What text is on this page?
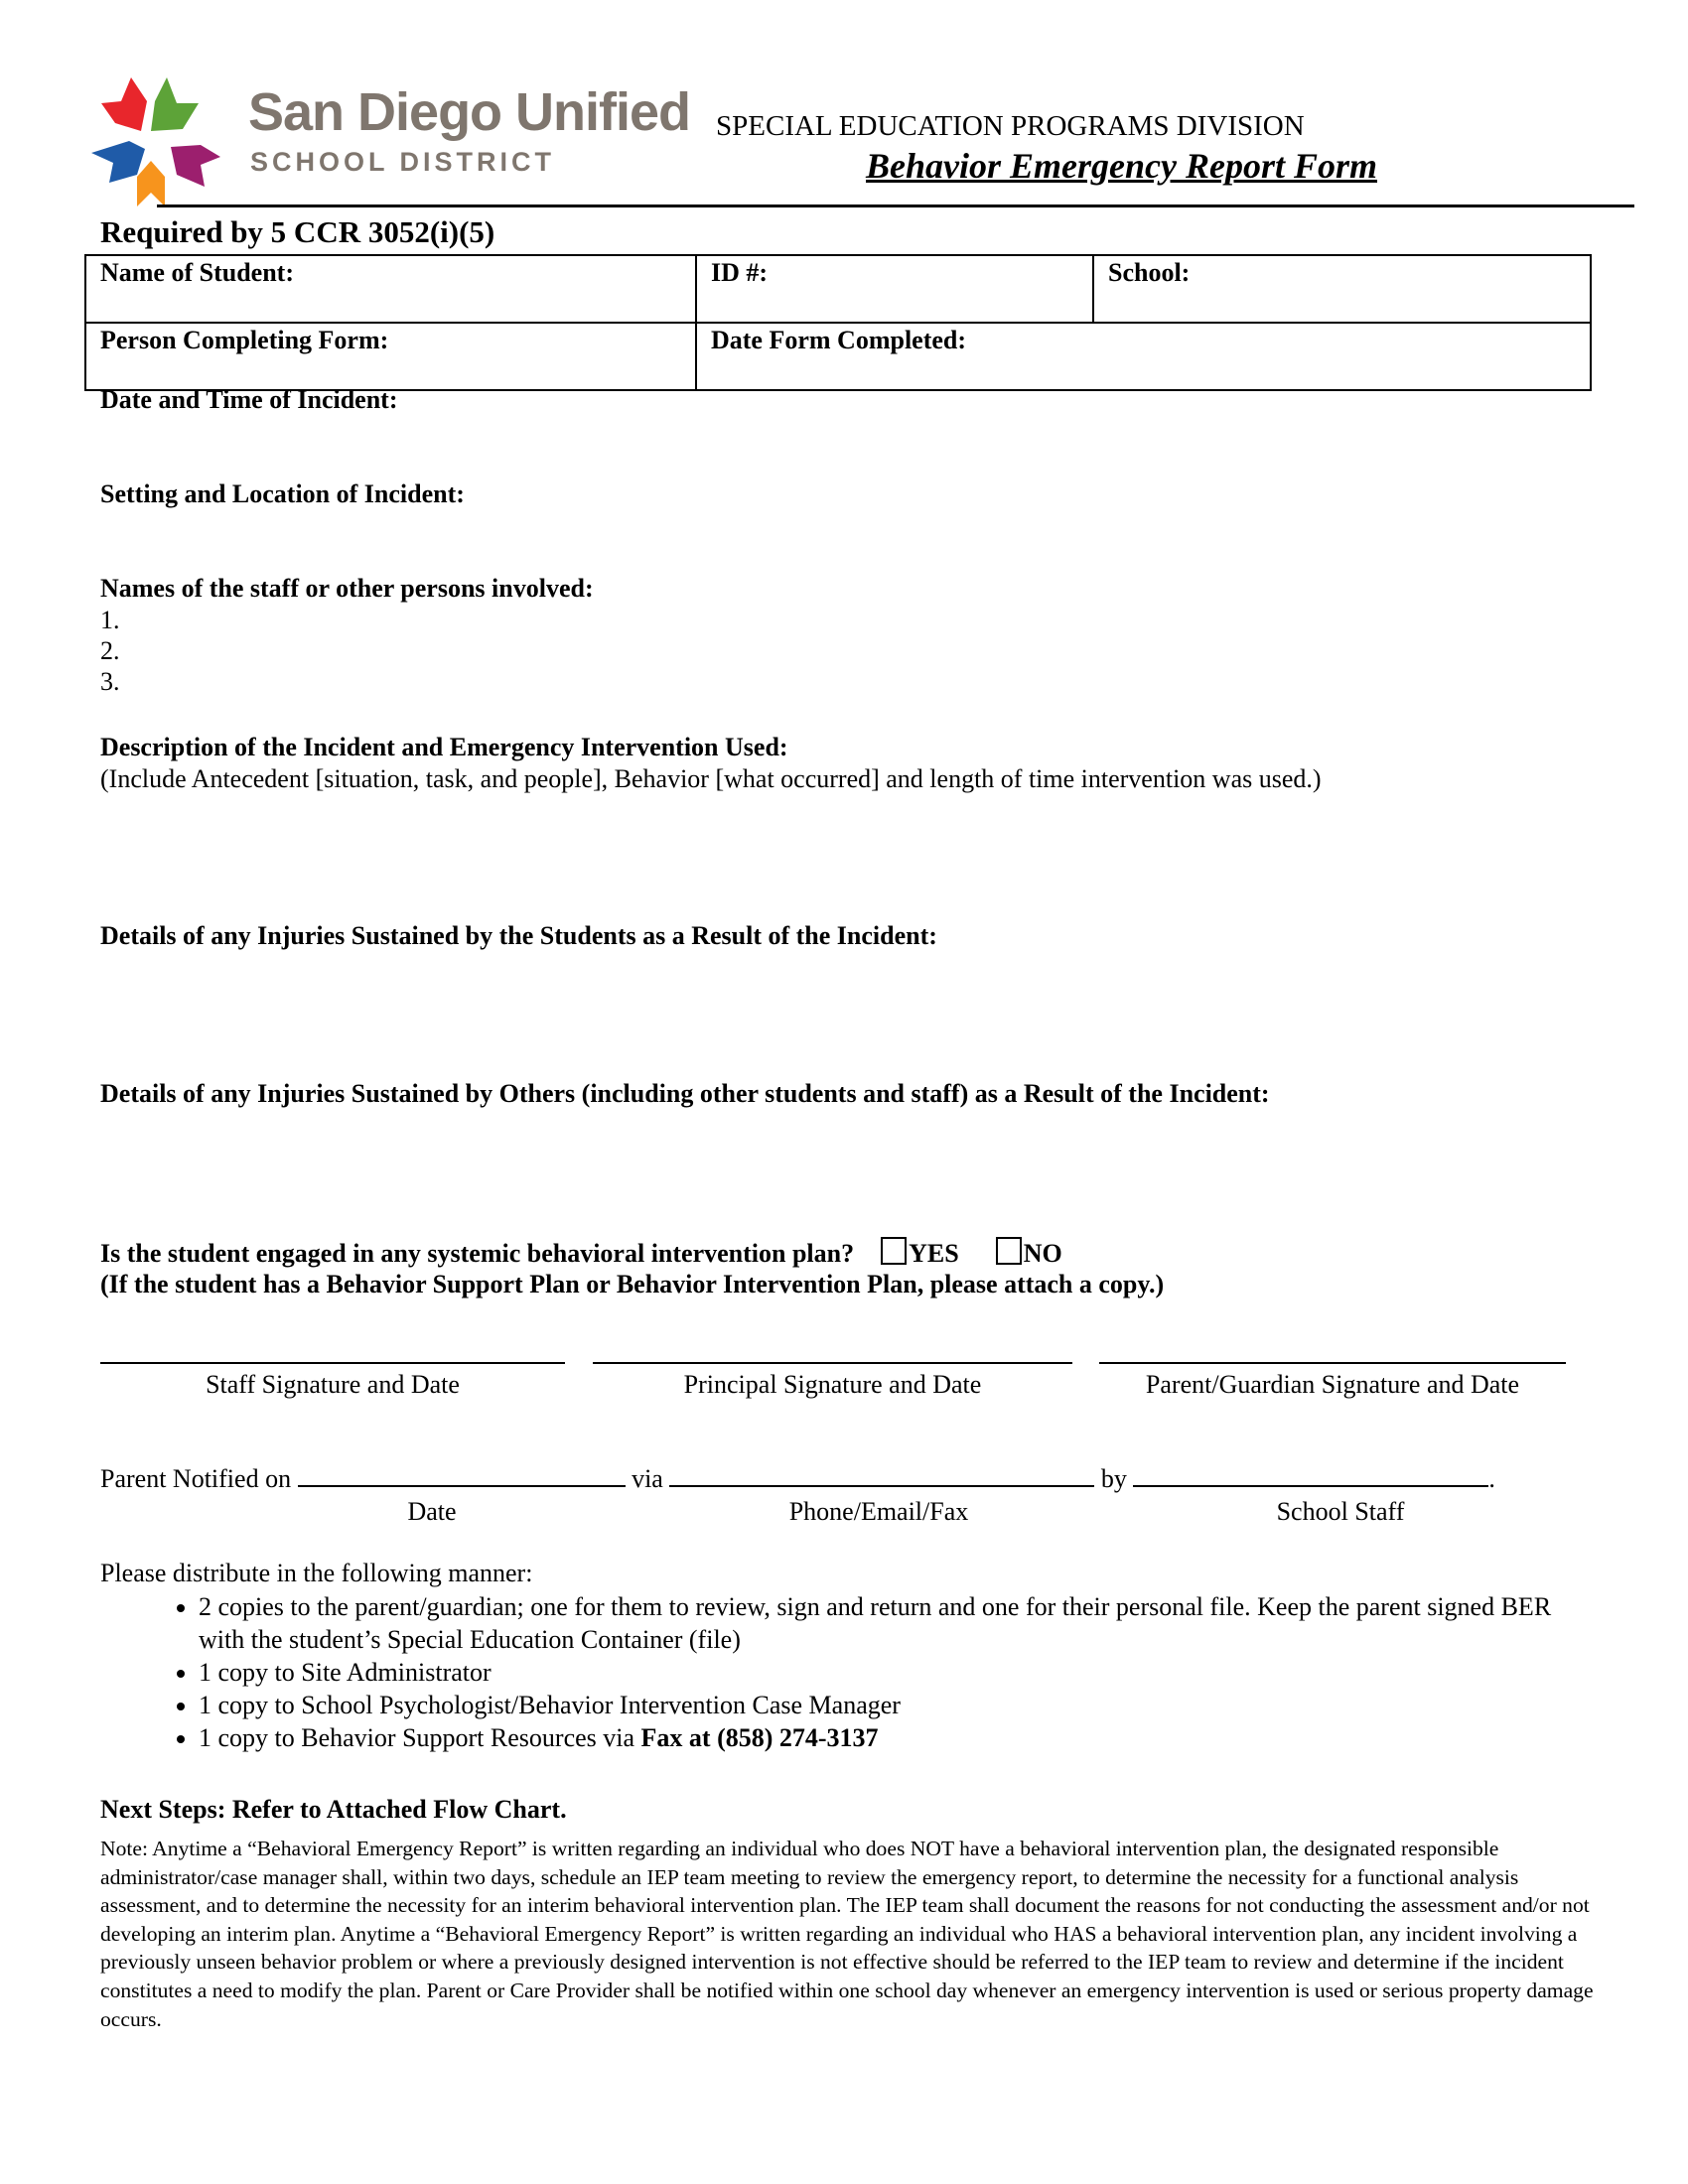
San Diego Unified
SCHOOL DISTRICT
SPECIAL EDUCATION PROGRAMS DIVISION
Behavior Emergency Report Form
Required by 5 CCR 3052(i)(5)
Name of Student:	ID #:	School:
Person Completing Form:	Date Form Completed:	
Date and Time of Incident:
Setting and Location of Incident:
Names of the staff or other persons involved:
1.
2.
3.
Description of the Incident and Emergency Intervention Used:
(Include Antecedent [situation, task, and people], Behavior [what occurred] and length of time intervention was used.)
Details of any Injuries Sustained by the Students as a Result of the Incident:
Details of any Injuries Sustained by Others (including other students and staff) as a Result of the Incident:
Is the student engaged in any systemic behavioral intervention plan? YES	NO
(If the student has a Behavior Support Plan or Behavior Intervention Plan, please attach a copy.)
Staff Signature and Date	Principal Signature and Date	Parent/Guardian Signature and Date
Parent Notified on	via	by	.
Date	Phone/Email/Fax	School Staff
Please distribute in the following manner:
• 2 copies to the parent/guardian; one for them to review, sign and return and one for their personal file. Keep the parent signed BER with the student’s Special Education Container (file)
• 1 copy to Site Administrator
• 1 copy to School Psychologist/Behavior Intervention Case Manager
• 1 copy to Behavior Support Resources via Fax at (858) 274-3137
Next Steps: Refer to Attached Flow Chart.
Note: Anytime a “Behavioral Emergency Report” is written regarding an individual who does NOT have a behavioral intervention plan, the designated responsible administrator/case manager shall, within two days, schedule an IEP team meeting to review the emergency report, to determine the necessity for a functional analysis assessment, and to determine the necessity for an interim behavioral intervention plan. The IEP team shall document the reasons for not conducting the assessment and/or not developing an interim plan. Anytime a “Behavioral Emergency Report” is written regarding an individual who HAS a behavioral intervention plan, any incident involving a previously unseen behavior problem or where a previously designed intervention is not effective should be referred to the IEP team to review and determine if the incident constitutes a need to modify the plan. Parent or Care Provider shall be notified within one school day whenever an emergency intervention is used or serious property damage occurs.
